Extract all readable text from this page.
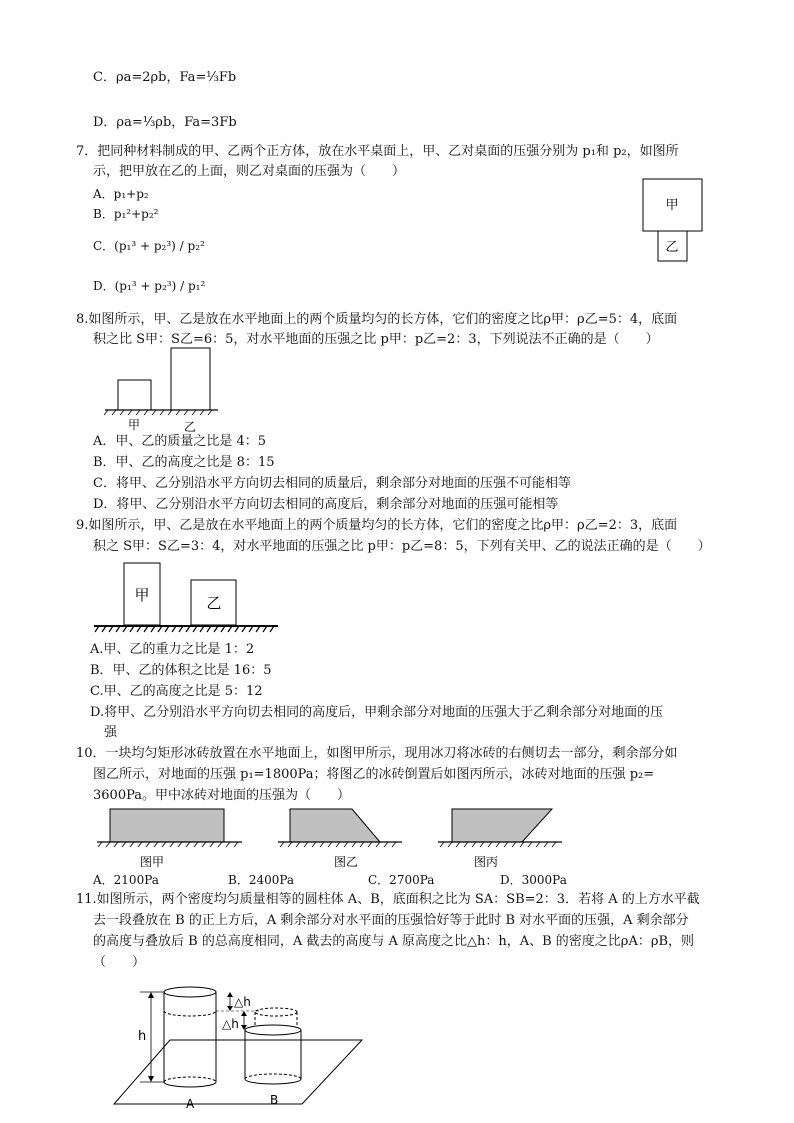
C．ρa=2ρb，Fa=⅓Fb
D．ρa=⅓ρb，Fa=3Fb
7．把同种材料制成的甲、乙两个正方体，放在水平桌面上，甲、乙对桌面的压强分别为 p₁和 p₂，如图所
示，把甲放在乙的上面，则乙对桌面的压强为（　　）
A．p₁+p₂
B．p₁²+p₂²
C．(p₁³ + p₂³) / p₂²
D．(p₁³ + p₂³) / p₁²
甲
乙
8.如图所示，甲、乙是放在水平地面上的两个质量均匀的长方体，它们的密度之比ρ甲：ρ乙=5：4，底面
积之比 S甲：S乙=6：5，对水平地面的压强之比 p甲：p乙=2：3，下列说法不正确的是（　　）
甲	乙
A．甲、乙的质量之比是 4：5
B．甲、乙的高度之比是 8：15
C．将甲、乙分别沿水平方向切去相同的质量后，剩余部分对地面的压强不可能相等
D．将甲、乙分别沿水平方向切去相同的高度后，剩余部分对地面的压强可能相等
9.如图所示，甲、乙是放在水平地面上的两个质量均匀的长方体，它们的密度之比ρ甲：ρ乙=2：3，底面
积之 S甲：S乙=3：4，对水平地面的压强之比 p甲：p乙=8：5，下列有关甲、乙的说法正确的是（　　）
甲	乙
A.甲、乙的重力之比是 1：2
B．甲、乙的体积之比是 16：5
C.甲、乙的高度之比是 5：12
D.将甲、乙分别沿水平方向切去相同的高度后，甲剩余部分对地面的压强大于乙剩余部分对地面的压
强
10．一块均匀矩形冰砖放置在水平地面上，如图甲所示，现用冰刀将冰砖的右侧切去一部分，剩余部分如
图乙所示，对地面的压强 p₁=1800Pa；将图乙的冰砖倒置后如图丙所示，冰砖对地面的压强 p₂=
3600Pa。甲中冰砖对地面的压强为（　　）
图甲	图乙	图丙
A．2100Pa	B．2400Pa	C．2700Pa	D．3000Pa
11.如图所示，两个密度均匀质量相等的圆柱体 A、B，底面积之比为 SA：SB=2：3．若将 A 的上方水平截
去一段叠放在 B 的正上方后，A 剩余部分对水平面的压强恰好等于此时 B 对水平面的压强，A 剩余部分
的高度与叠放后 B 的总高度相同，A 截去的高度与 A 原高度之比△h：h，A、B 的密度之比ρA：ρB，则
（　　）
h
△h
△h
A	B
